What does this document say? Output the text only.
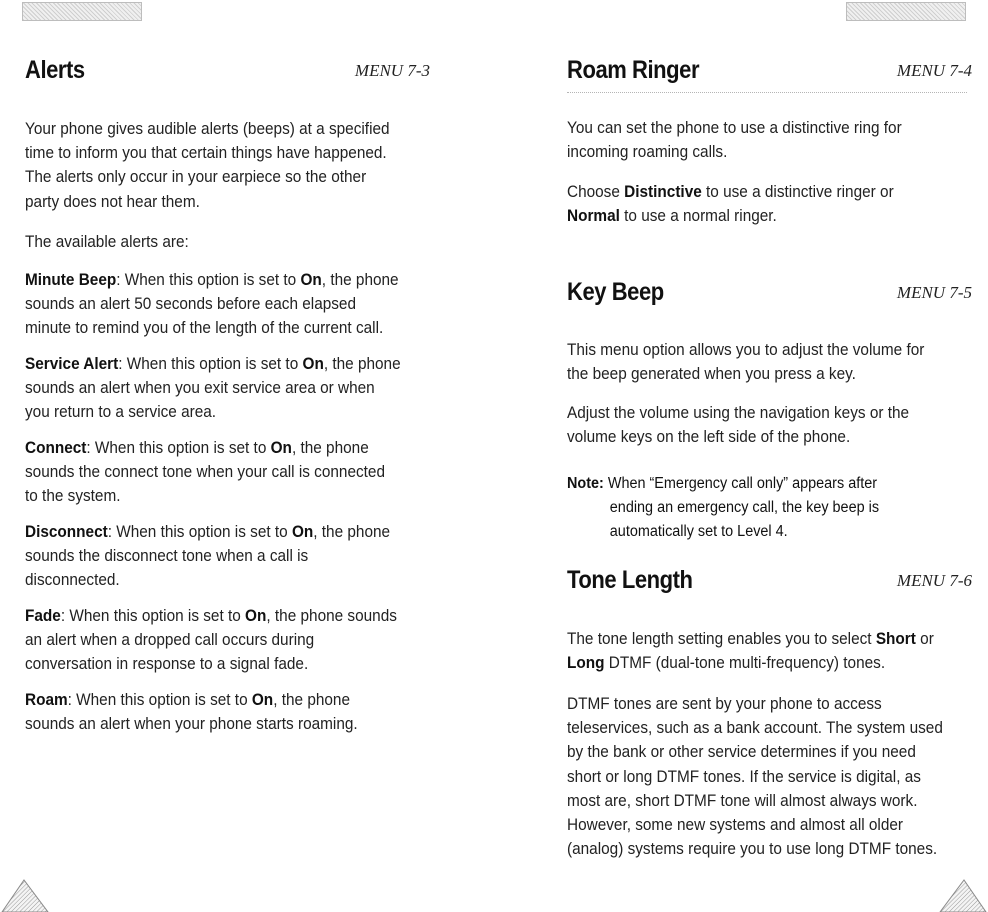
Alerts	MENU 7-3

Your phone gives audible alerts (beeps) at a specified time to inform you that certain things have happened. The alerts only occur in your earpiece so the other party does not hear them.

The available alerts are:

Minute Beep: When this option is set to On, the phone sounds an alert 50 seconds before each elapsed minute to remind you of the length of the current call.

Service Alert: When this option is set to On, the phone sounds an alert when you exit service area or when you return to a service area.

Connect: When this option is set to On, the phone sounds the connect tone when your call is connected to the system.

Disconnect: When this option is set to On, the phone sounds the disconnect tone when a call is disconnected.

Fade: When this option is set to On, the phone sounds an alert when a dropped call occurs during conversation in response to a signal fade.

Roam: When this option is set to On, the phone sounds an alert when your phone starts roaming.

Roam Ringer	MENU 7-4

You can set the phone to use a distinctive ring for incoming roaming calls.

Choose Distinctive to use a distinctive ringer or Normal to use a normal ringer.

Key Beep	MENU 7-5

This menu option allows you to adjust the volume for the beep generated when you press a key.

Adjust the volume using the navigation keys or the volume keys on the left side of the phone.

Note: When “Emergency call only” appears after
ending an emergency call, the key beep is automatically set to Level 4.

Tone Length	MENU 7-6

The tone length setting enables you to select Short or Long DTMF (dual-tone multi-frequency) tones.

DTMF tones are sent by your phone to access teleservices, such as a bank account. The system used by the bank or other service determines if you need short or long DTMF tones. If the service is digital, as most are, short DTMF tone will almost always work. However, some new systems and almost all older (analog) systems require you to use long DTMF tones.
